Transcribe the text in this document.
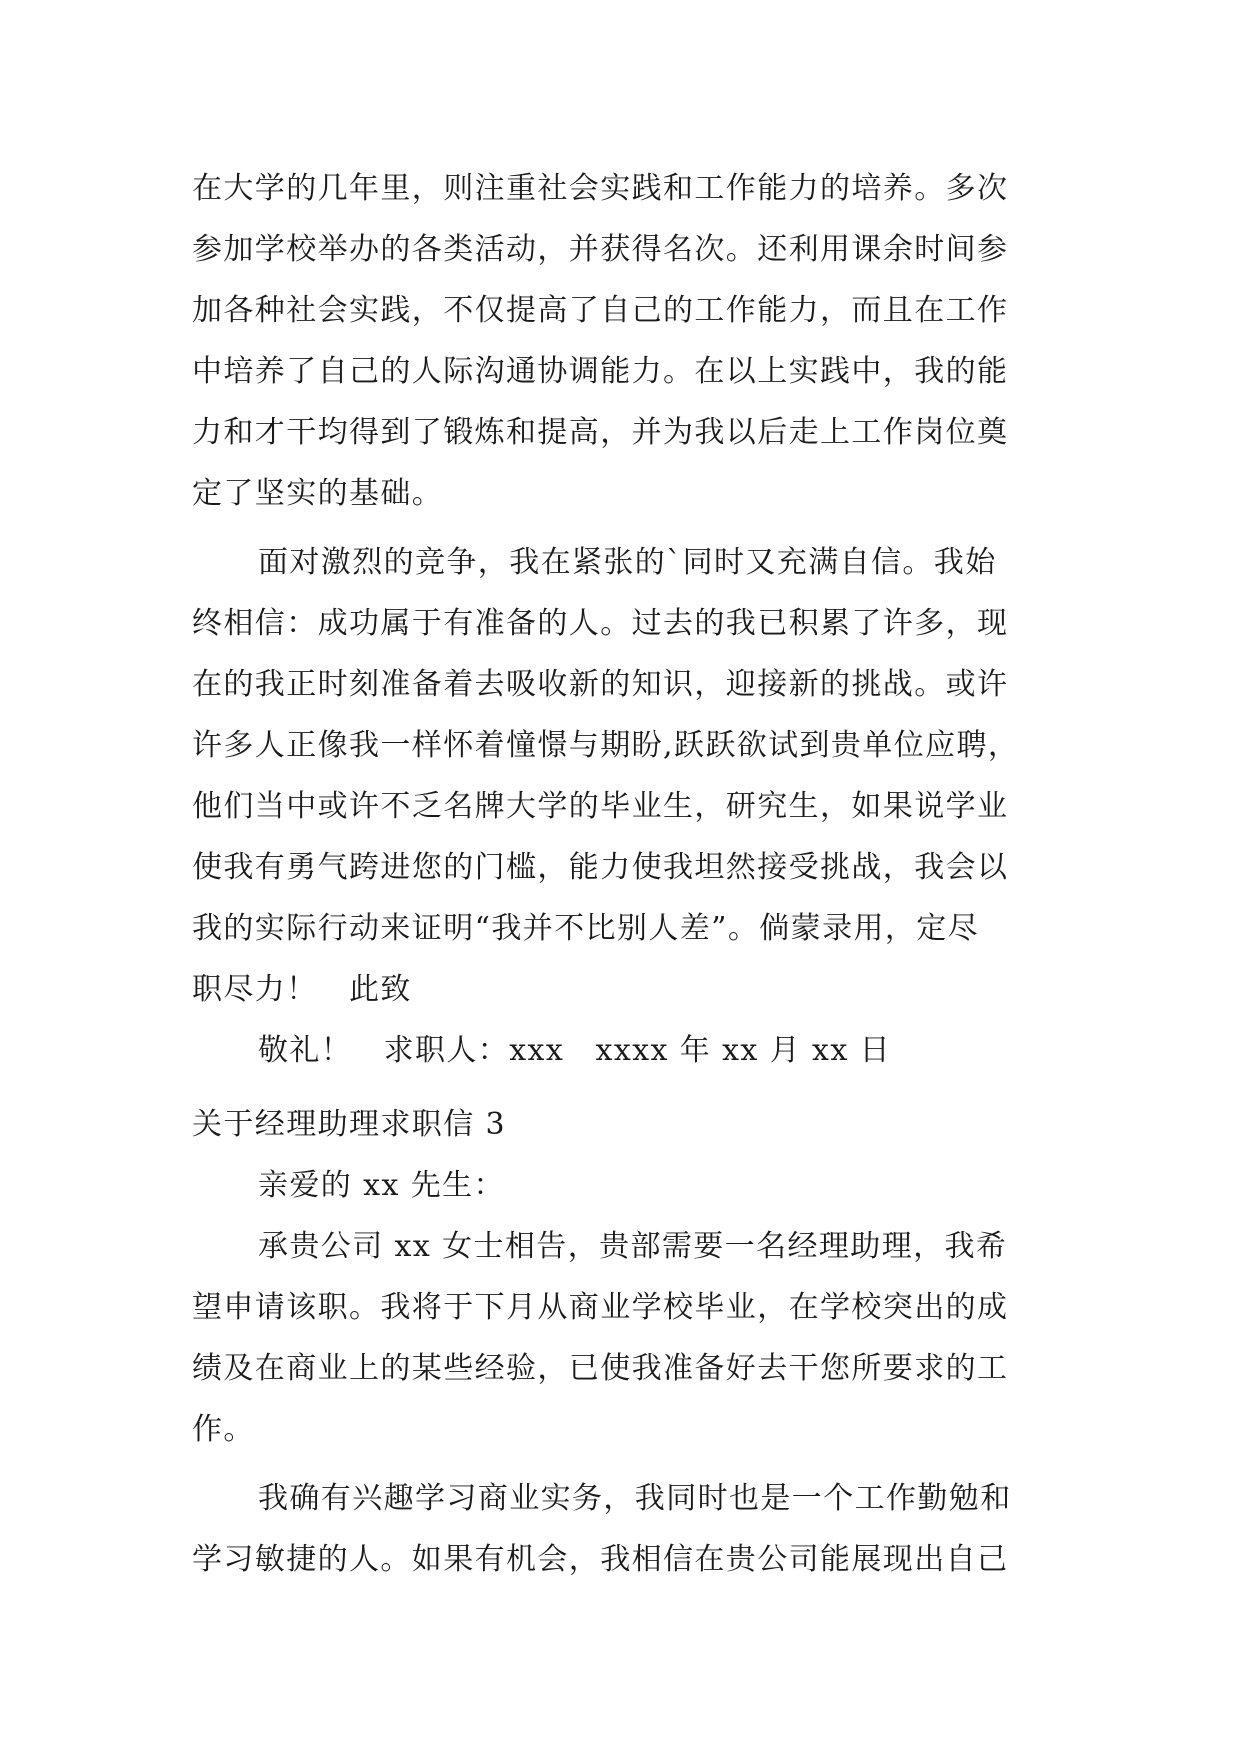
在大学的几年里，则注重社会实践和工作能力的培养。多次
参加学校举办的各类活动，并获得名次。还利用课余时间参
加各种社会实践，不仅提高了自己的工作能力，而且在工作
中培养了自己的人际沟通协调能力。在以上实践中，我的能
力和才干均得到了锻炼和提高，并为我以后走上工作岗位奠
定了坚实的基础。
面对激烈的竞争，我在紧张的`同时又充满自信。我始
终相信：成功属于有准备的人。过去的我已积累了许多，现
在的我正时刻准备着去吸收新的知识，迎接新的挑战。或许
许多人正像我一样怀着憧憬与期盼,跃跃欲试到贵单位应聘，
他们当中或许不乏名牌大学的毕业生，研究生，如果说学业
使我有勇气跨进您的门槛，能力使我坦然接受挑战，我会以
我的实际行动来证明“我并不比别人差”。倘蒙录用，定尽
职尽力！　此致
敬礼！　求职人：xxx　xxxx 年 xx 月 xx 日
关于经理助理求职信 3
亲爱的 xx 先生：
承贵公司 xx 女士相告，贵部需要一名经理助理，我希
望申请该职。我将于下月从商业学校毕业，在学校突出的成
绩及在商业上的某些经验，已使我准备好去干您所要求的工
作。
我确有兴趣学习商业实务，我同时也是一个工作勤勉和
学习敏捷的人。如果有机会，我相信在贵公司能展现出自己
